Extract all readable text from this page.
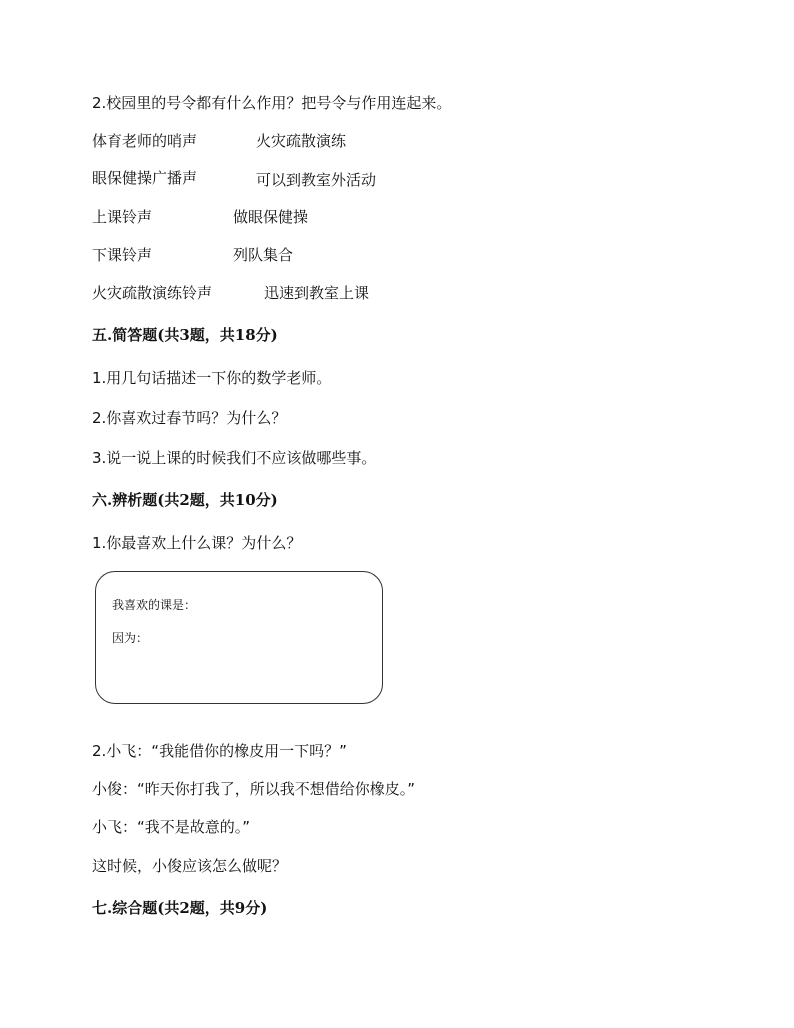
2.校园里的号令都有什么作用？把号令与作用连起来。
体育老师的哨声	火灾疏散演练
眼保健操广播声	可以到教室外活动
上课铃声	做眼保健操
下课铃声	列队集合
火灾疏散演练铃声	迅速到教室上课
五.简答题(共3题，共18分)
1.用几句话描述一下你的数学老师。
2.你喜欢过春节吗？为什么？
3.说一说上课的时候我们不应该做哪些事。
六.辨析题(共2题，共10分)
1.你最喜欢上什么课？为什么？
我喜欢的课是：
因为：
2.小飞：“我能借你的橡皮用一下吗？”
小俊：“昨天你打我了，所以我不想借给你橡皮。”
小飞：“我不是故意的。”
这时候，小俊应该怎么做呢？
七.综合题(共2题，共9分)
